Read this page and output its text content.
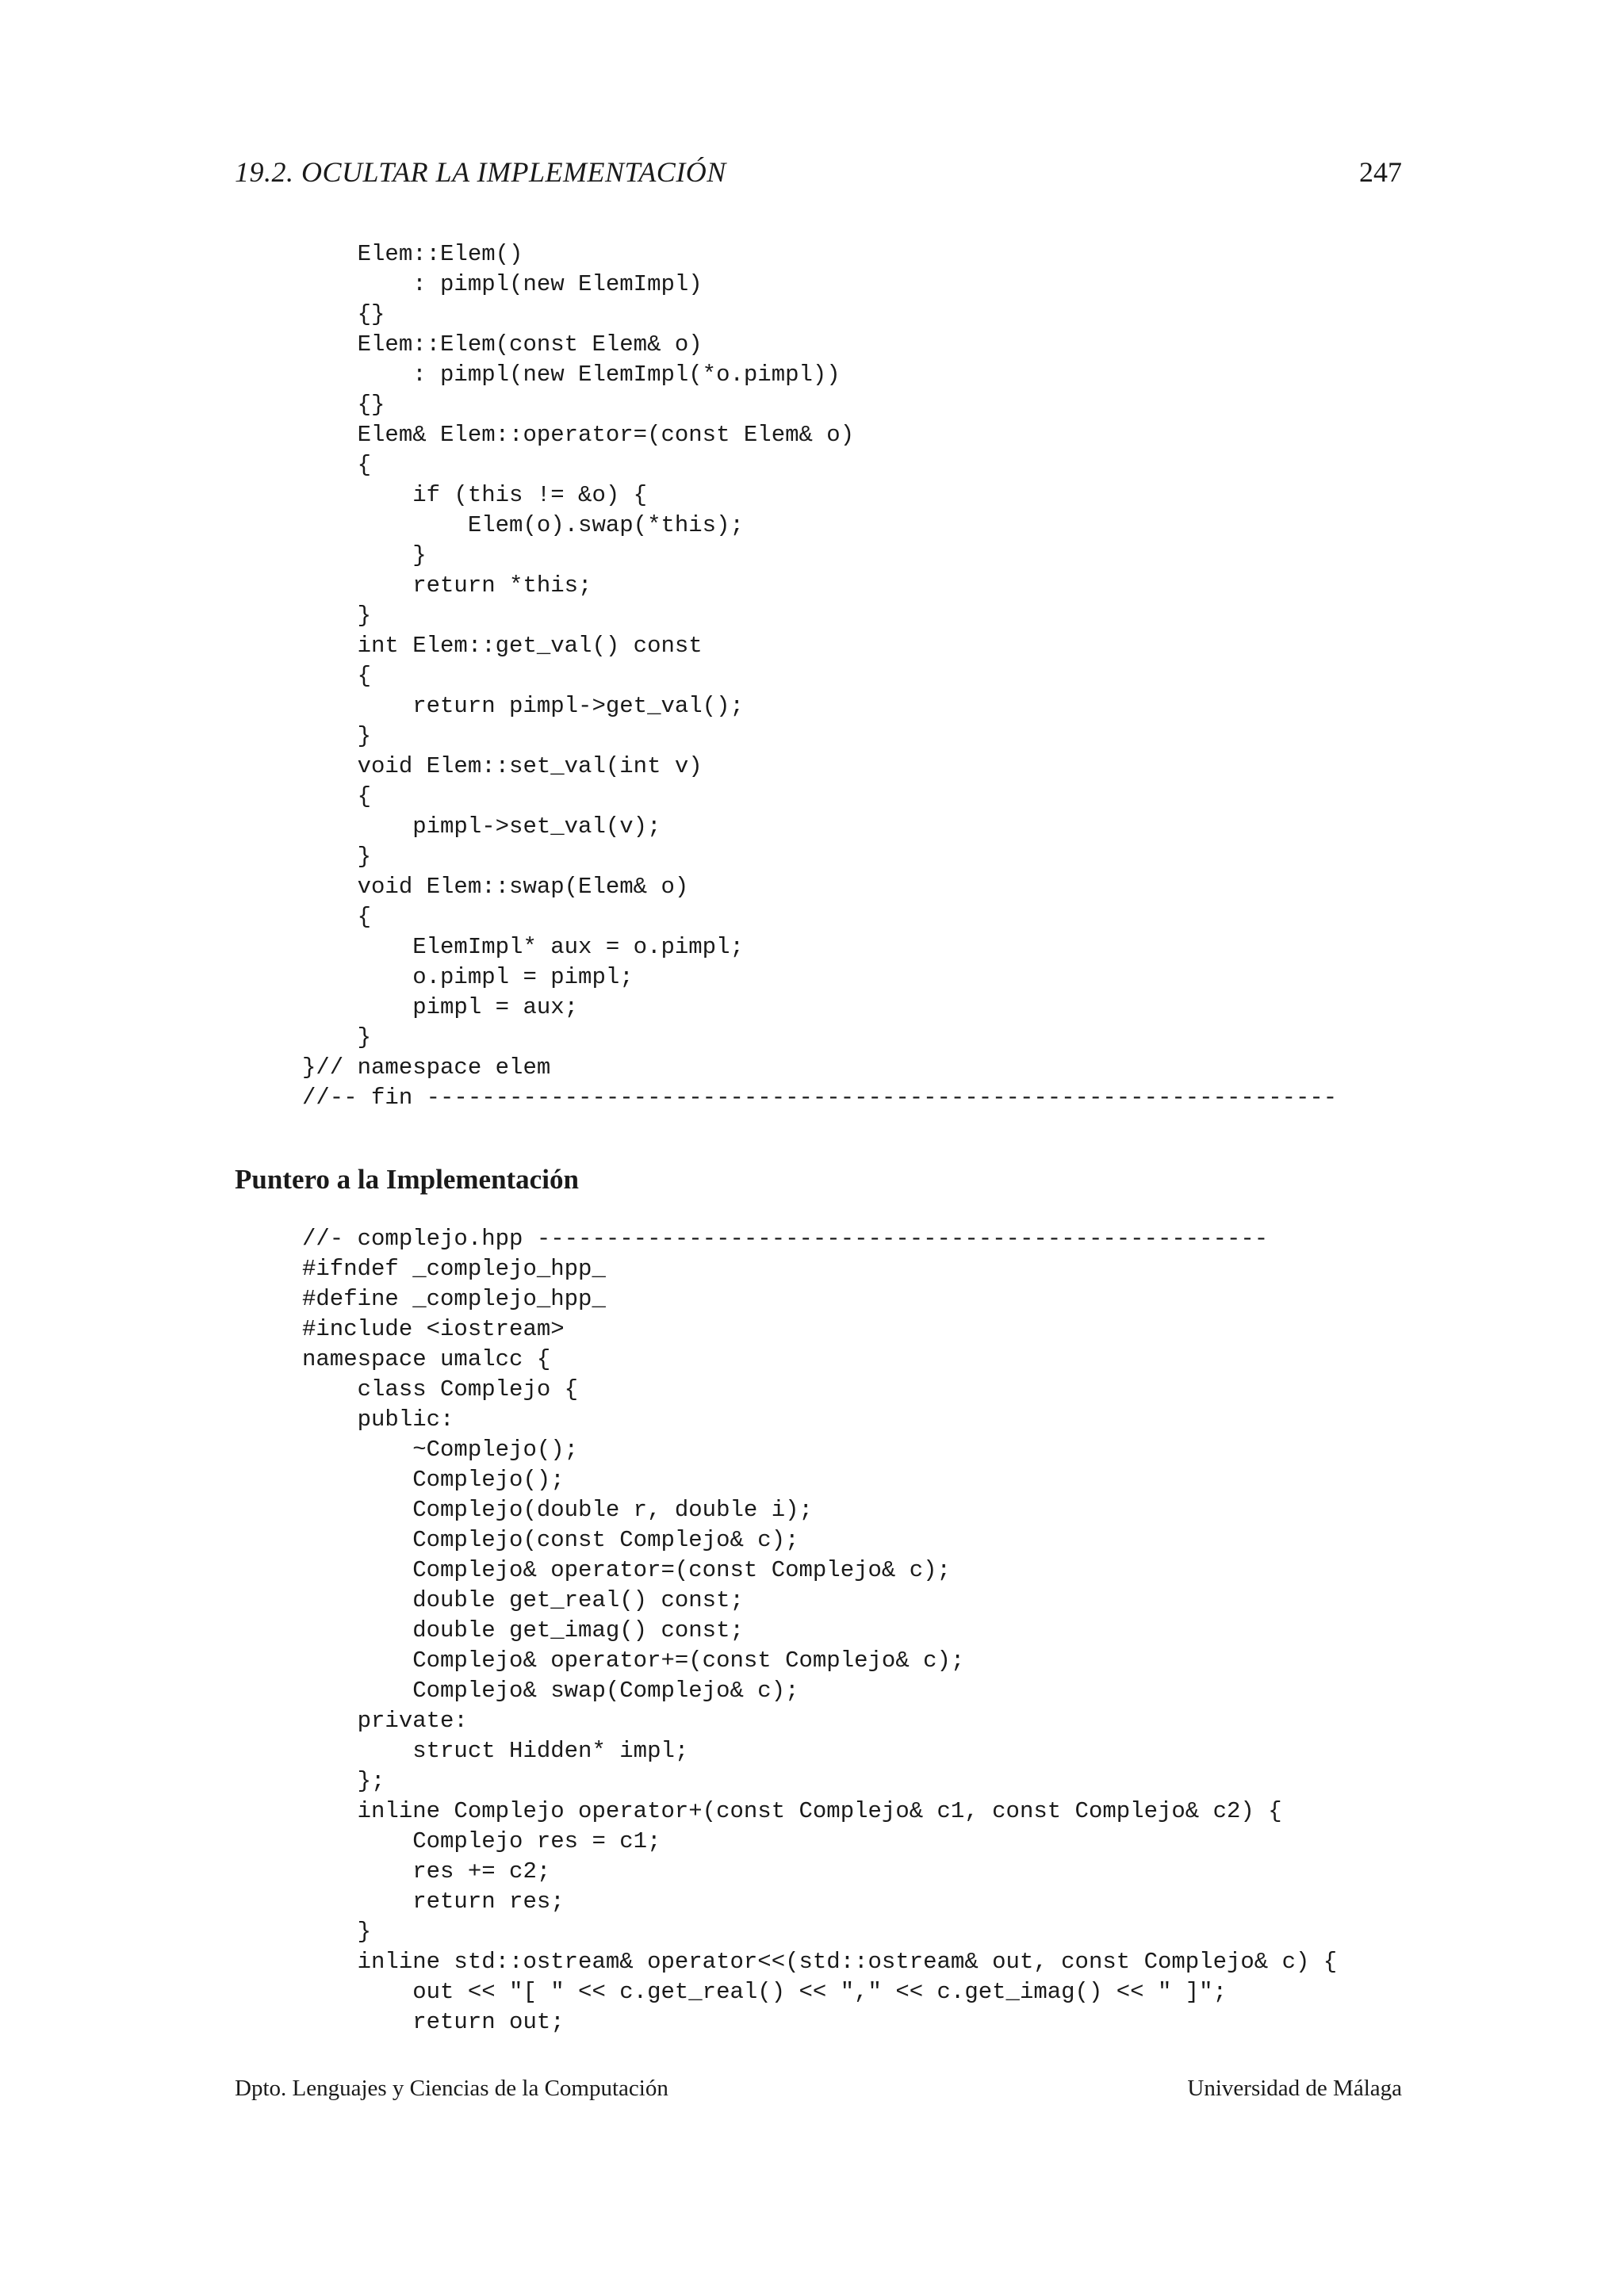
19.2. OCULTAR LA IMPLEMENTACIÓN	247
Elem::Elem()
: pimpl(new ElemImpl)
{}
Elem::Elem(const Elem& o)
: pimpl(new ElemImpl(*o.pimpl))
{}
Elem& Elem::operator=(const Elem& o)
{
if (this != &o) {
Elem(o).swap(*this);
}
return *this;
}
int Elem::get_val() const
{
return pimpl->get_val();
}
void Elem::set_val(int v)
{
pimpl->set_val(v);
}
void Elem::swap(Elem& o)
{
ElemImpl* aux = o.pimpl;
o.pimpl = pimpl;
pimpl = aux;
}
}// namespace elem
//-- fin ------------------------------------------------------------------
Puntero a la Implementación
//- complejo.hpp -----------------------------------------------------
#ifndef _complejo_hpp_
#define _complejo_hpp_
#include <iostream>
namespace umalcc {
class Complejo {
public:
~Complejo();
Complejo();
Complejo(double r, double i);
Complejo(const Complejo& c);
Complejo& operator=(const Complejo& c);
double get_real() const;
double get_imag() const;
Complejo& operator+=(const Complejo& c);
Complejo& swap(Complejo& c);
private:
struct Hidden* impl;
};
inline Complejo operator+(const Complejo& c1, const Complejo& c2) {
Complejo res = c1;
res += c2;
return res;
}
inline std::ostream& operator<<(std::ostream& out, const Complejo& c) {
out << "[ " << c.get_real() << "," << c.get_imag() << " ]";
return out;
Dpto. Lenguajes y Ciencias de la Computación	Universidad de Málaga
